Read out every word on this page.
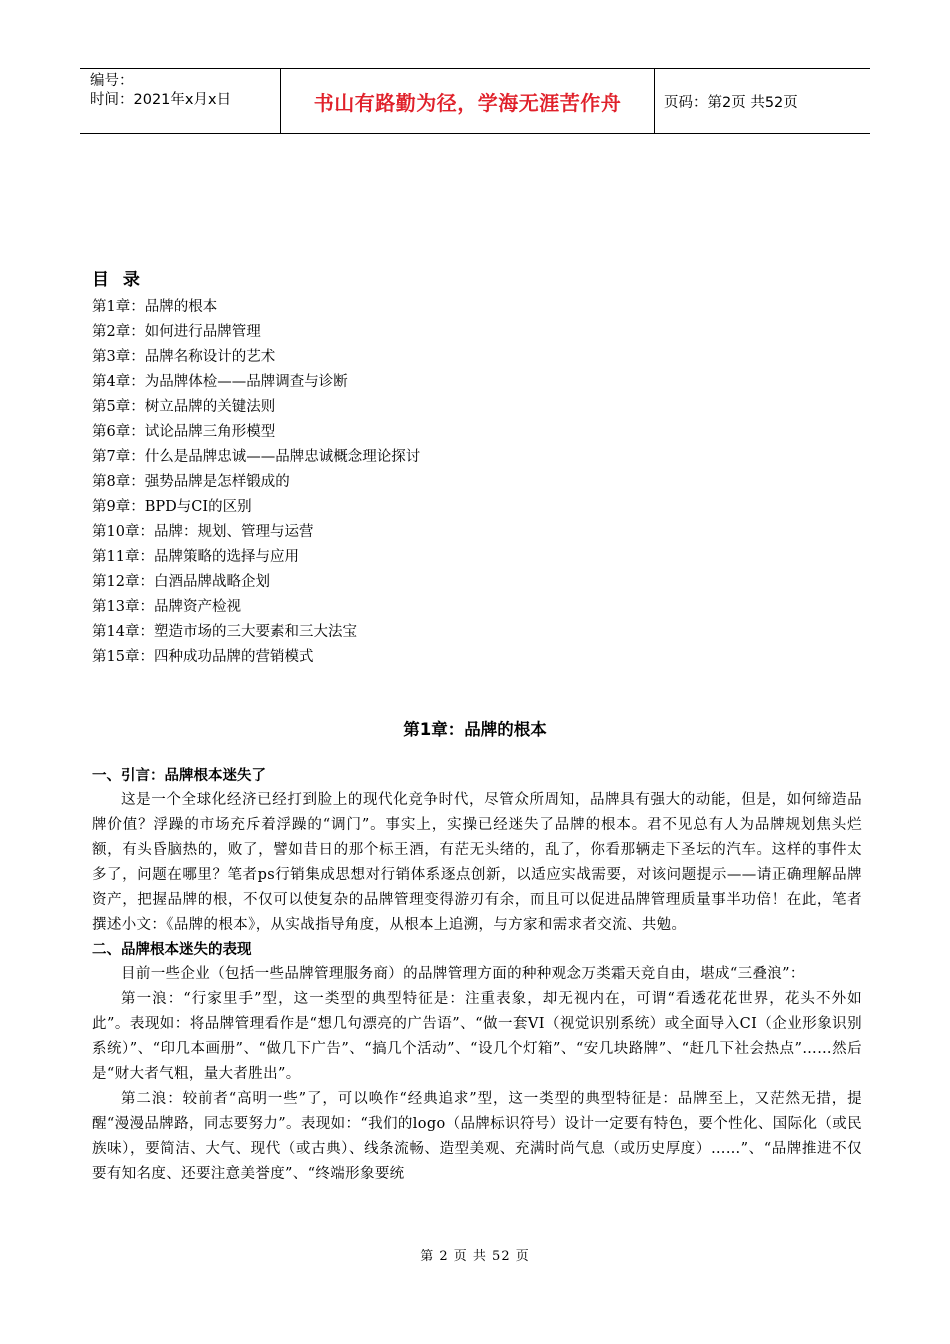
编号：
时间：2021年x月x日	书山有路勤为径，学海无涯苦作舟	页码：第2页 共52页
目 录
第1章：品牌的根本
第2章：如何进行品牌管理
第3章：品牌名称设计的艺术
第4章：为品牌体检——品牌调查与诊断
第5章：树立品牌的关键法则
第6章：试论品牌三角形模型
第7章：什么是品牌忠诚——品牌忠诚概念理论探讨
第8章：强势品牌是怎样锻成的
第9章：BPD与CI的区别
第10章：品牌：规划、管理与运营
第11章：品牌策略的选择与应用
第12章：白酒品牌战略企划
第13章：品牌资产检视
第14章：塑造市场的三大要素和三大法宝
第15章：四种成功品牌的营销模式
第1章：品牌的根本

一、引言：品牌根本迷失了

这是一个全球化经济已经打到脸上的现代化竞争时代，尽管众所周知，品牌具有强大的动能，但是，如何缔造品牌价值？浮躁的市场充斥着浮躁的“调门”。事实上，实操已经迷失了品牌的根本。君不见总有人为品牌规划焦头烂额，有头昏脑热的，败了，譬如昔日的那个标王酒，有茫无头绪的，乱了，你看那辆走下圣坛的汽车。这样的事件太多了，问题在哪里？笔者ps行销集成思想对行销体系逐点创新，以适应实战需要，对该问题提示——请正确理解品牌资产，把握品牌的根，不仅可以使复杂的品牌管理变得游刃有余，而且可以促进品牌管理质量事半功倍！在此，笔者撰述小文：《品牌的根本》，从实战指导角度，从根本上追溯，与方家和需求者交流、共勉。

二、品牌根本迷失的表现

目前一些企业（包括一些品牌管理服务商）的品牌管理方面的种种观念万类霜天竞自由，堪成“三叠浪”：

第一浪：“行家里手”型，这一类型的典型特征是：注重表象，却无视内在，可谓“看透花花世界，花头不外如此”。表现如：将品牌管理看作是“想几句漂亮的广告语”、“做一套VI（视觉识别系统）或全面导入CI（企业形象识别系统）”、“印几本画册”、“做几下广告”、“搞几个活动”、“设几个灯箱”、“安几块路牌”、“赶几下社会热点”……然后是“财大者气粗，量大者胜出”。

第二浪：较前者“高明一些”了，可以唤作“经典追求”型，这一类型的典型特征是：品牌至上，又茫然无措，提醒“漫漫品牌路，同志要努力”。表现如：“我们的logo（品牌标识符号）设计一定要有特色，要个性化、国际化（或民族味），要简洁、大气、现代（或古典）、线条流畅、造型美观、充满时尚气息（或历史厚度）……”、“品牌推进不仅要有知名度、还要注意美誉度”、“终端形象要统

第 2 页 共 52 页
